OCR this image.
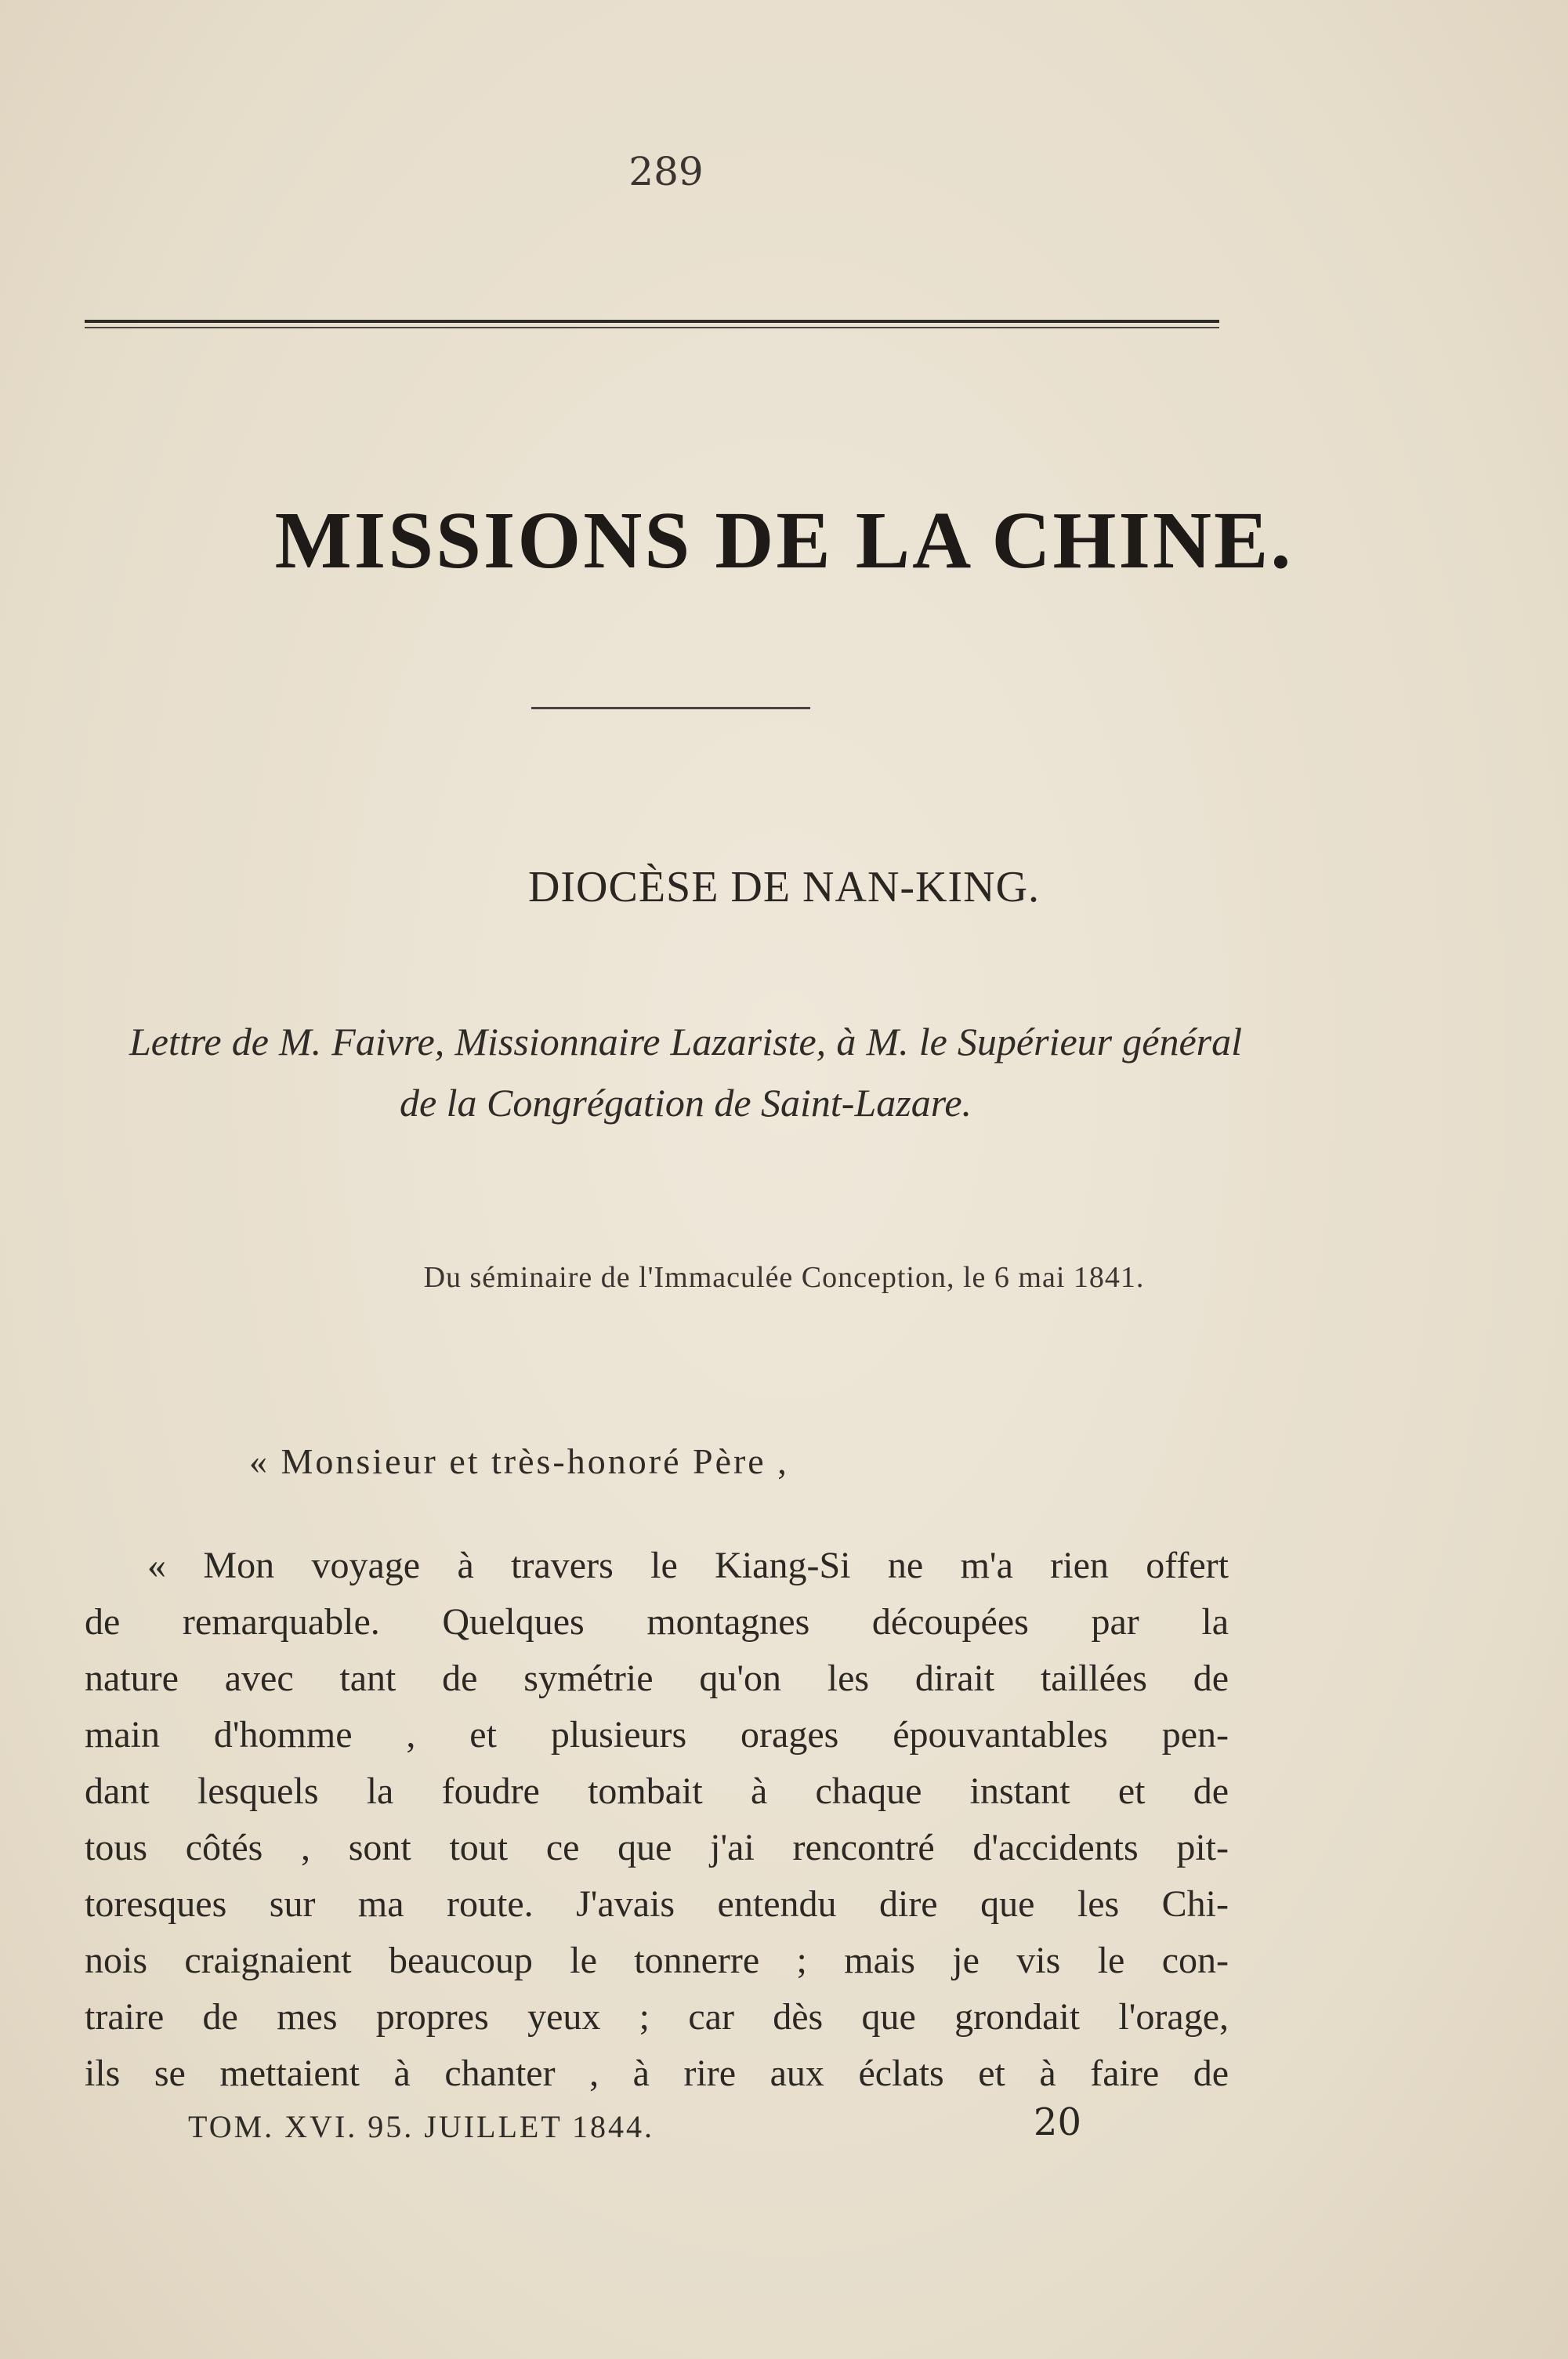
289
MISSIONS DE LA CHINE.
DIOCÈSE DE NAN-KING.
Lettre de M. Faivre, Missionnaire Lazariste, à M. le Supérieur général de la Congrégation de Saint-Lazare.
Du séminaire de l'Immaculée Conception, le 6 mai 1841.
« Monsieur et très-honoré Père ,
« Mon voyage à travers le Kiang-Si ne m'a rien offert
de remarquable. Quelques montagnes découpées par la
nature avec tant de symétrie qu'on les dirait taillées de
main d'homme , et plusieurs orages épouvantables pen-
dant lesquels la foudre tombait à chaque instant et de
tous côtés , sont tout ce que j'ai rencontré d'accidents pit-
toresques sur ma route. J'avais entendu dire que les Chi-
nois craignaient beaucoup le tonnerre ; mais je vis le con-
traire de mes propres yeux ; car dès que grondait l'orage,
ils se mettaient à chanter , à rire aux éclats et à faire de
TOM. XVI. 95. JUILLET 1844.	20
